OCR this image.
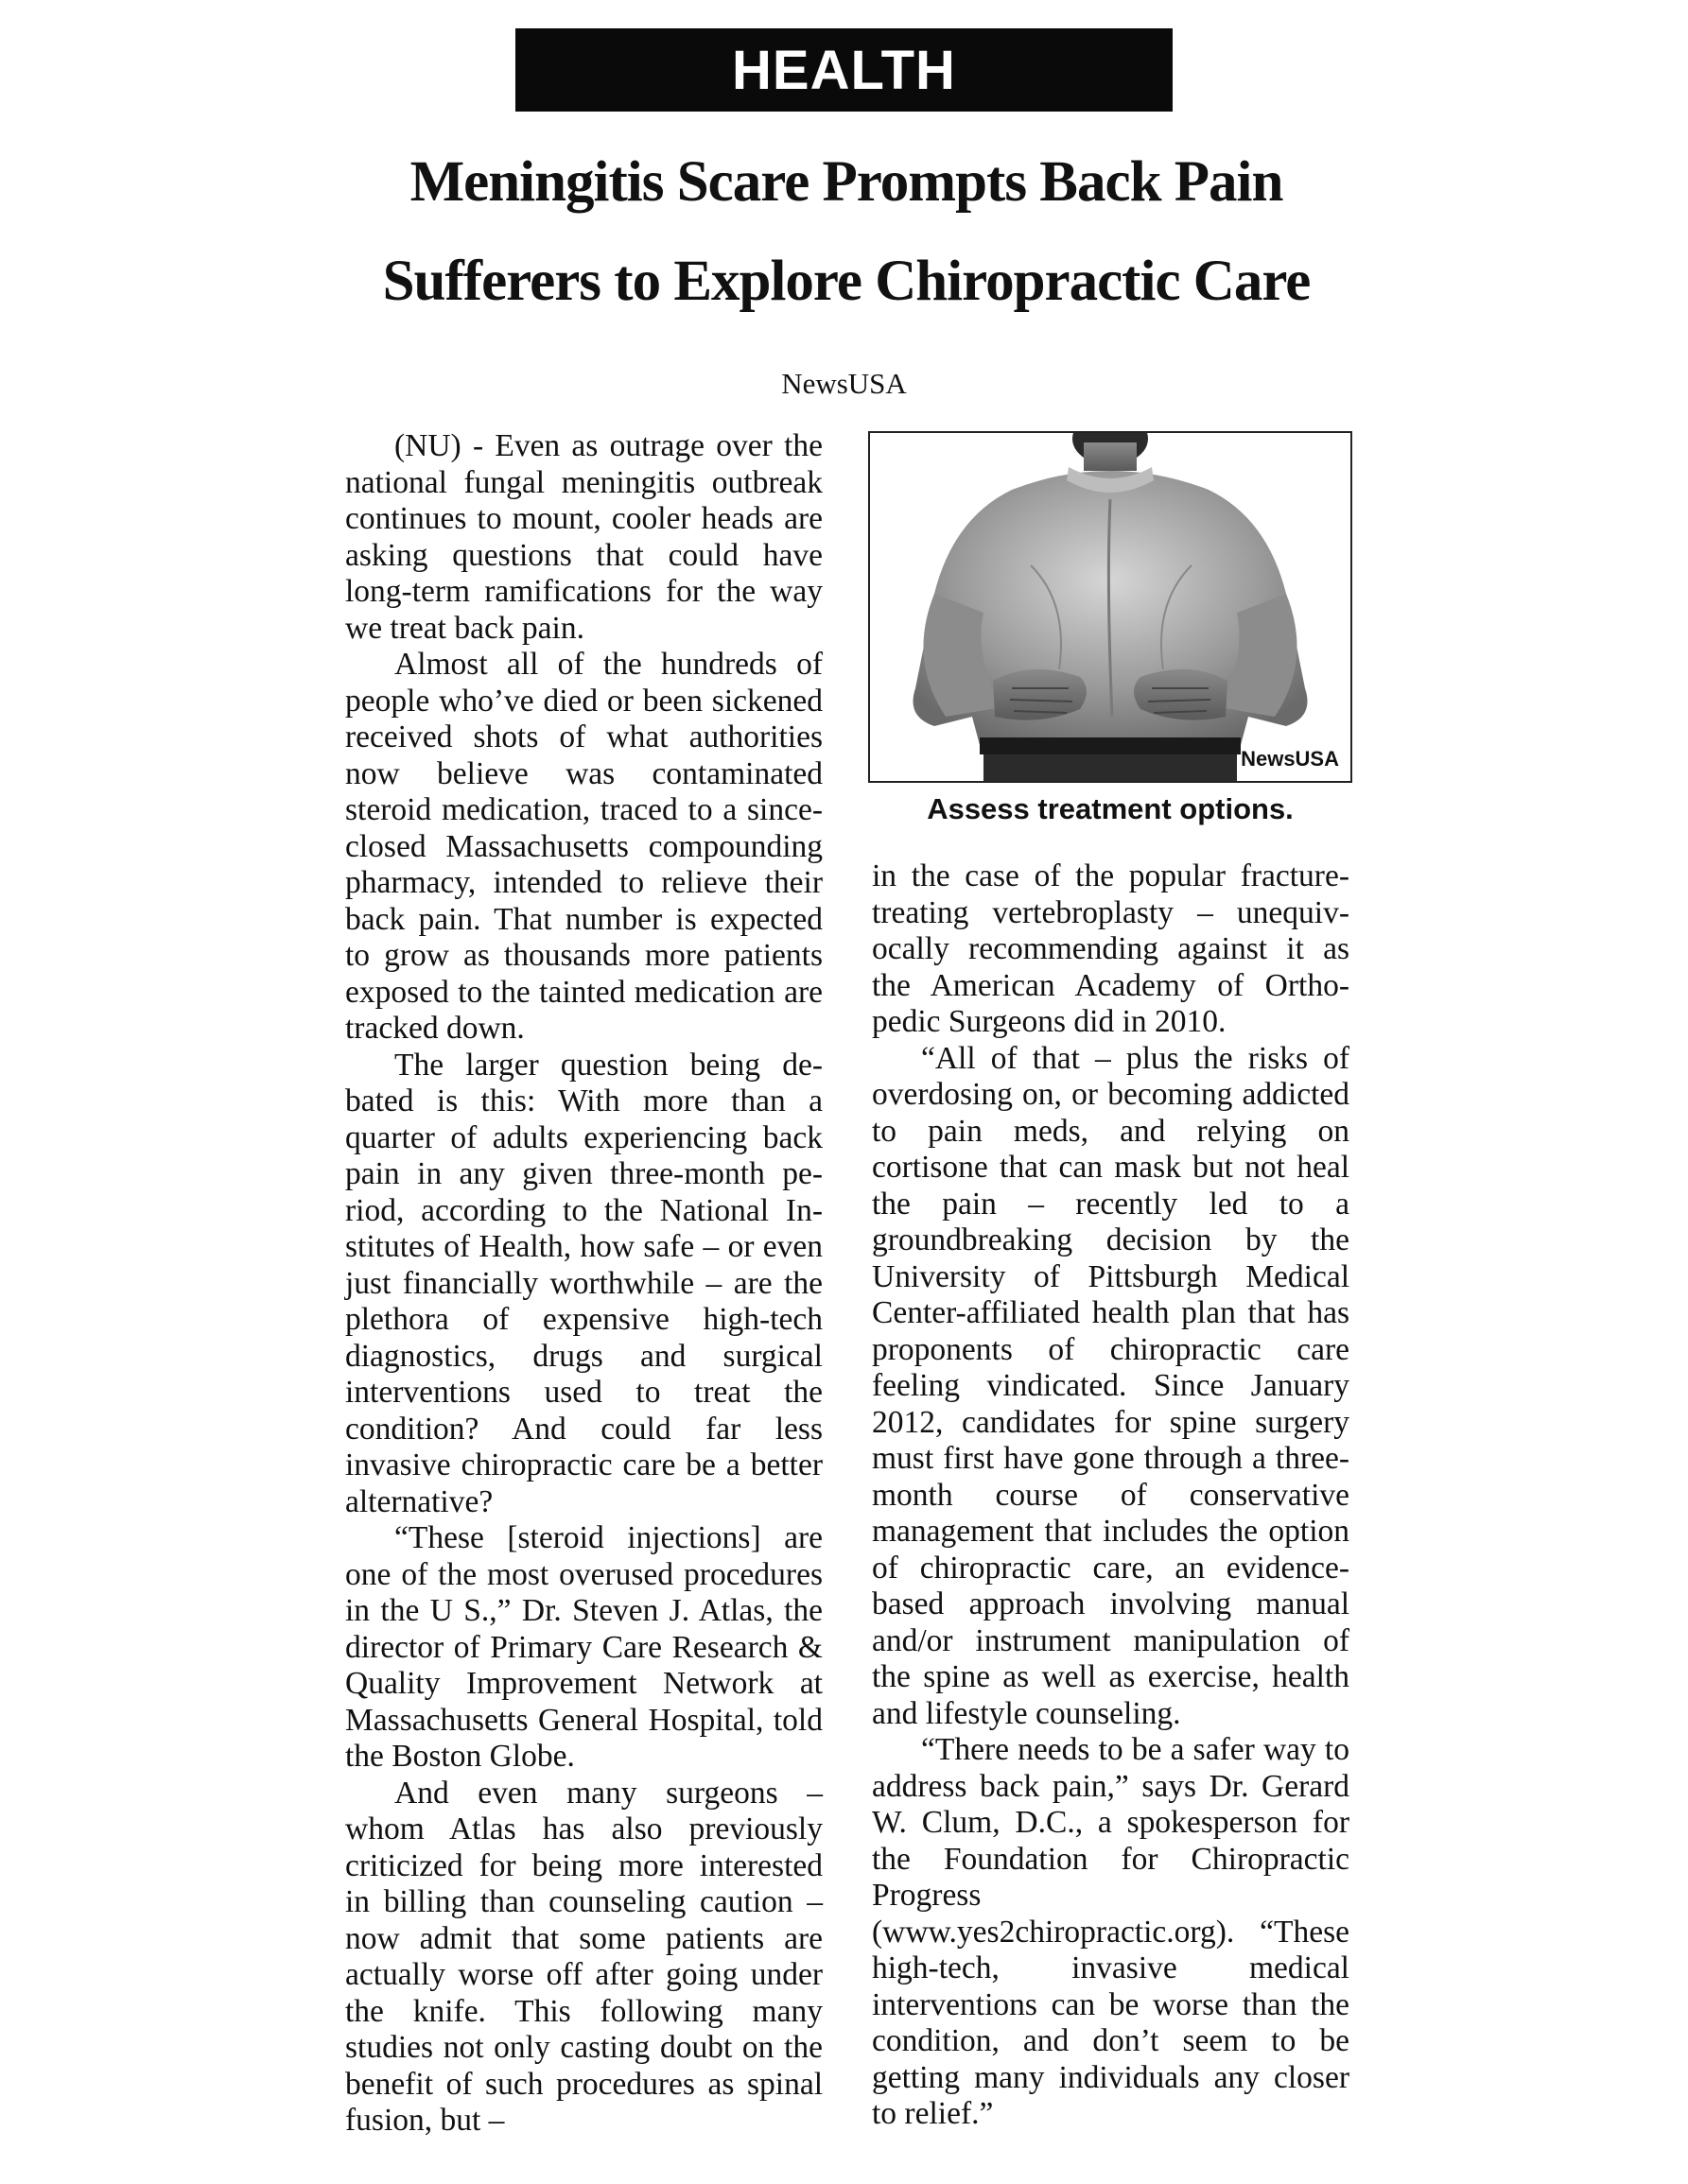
HEALTH
Meningitis Scare Prompts Back Pain
Sufferers to Explore Chiropractic Care
NewsUSA

(NU) - Even as outrage over the national fungal meningitis outbreak continues to mount, cooler heads are asking questions that could have long-term ramifications for the way we treat back pain.

Almost all of the hundreds of people who’ve died or been sickened received shots of what authorities now believe was contaminated steroid medication, traced to a since-closed Massachusetts compounding pharmacy, intended to relieve their back pain. That number is expected to grow as thousands more patients exposed to the tainted medication are tracked down.

The larger question being debated is this: With more than a quarter of adults experiencing back pain in any given three-month period, according to the National Institutes of Health, how safe – or even just financially worthwhile – are the plethora of expensive high-tech diagnostics, drugs and surgical interventions used to treat the condition? And could far less invasive chiropractic care be a better alternative?

“These [steroid injections] are one of the most overused procedures in the U S.,” Dr. Steven J. Atlas, the director of Primary Care Research & Quality Improvement Network at Massachusetts General Hospital, told the Boston Globe.

And even many surgeons – whom Atlas has also previously criticized for being more interested in billing than counseling caution – now admit that some patients are actually worse off after going under the knife. This following many studies not only casting doubt on the benefit of such procedures as spinal fusion, but –

NewsUSA
Assess treatment options.

in the case of the popular fracture-treating vertebroplasty – unequivocally recommending against it as the American Academy of Orthopedic Surgeons did in 2010.

“All of that – plus the risks of overdosing on, or becoming addicted to pain meds, and relying on cortisone that can mask but not heal the pain – recently led to a groundbreaking decision by the University of Pittsburgh Medical Center-affiliated health plan that has proponents of chiropractic care feeling vindicated. Since January 2012, candidates for spine surgery must first have gone through a three-month course of conservative management that includes the option of chiropractic care, an evidence-based approach involving manual and/or instrument manipulation of the spine as well as exercise, health and lifestyle counseling.

“There needs to be a safer way to address back pain,” says Dr. Gerard W. Clum, D.C., a spokesperson for the Foundation for Chiropractic Progress (www.yes2chiropractic.org). “These high-tech, invasive medical interventions can be worse than the condition, and don’t seem to be getting many individuals any closer to relief.”
